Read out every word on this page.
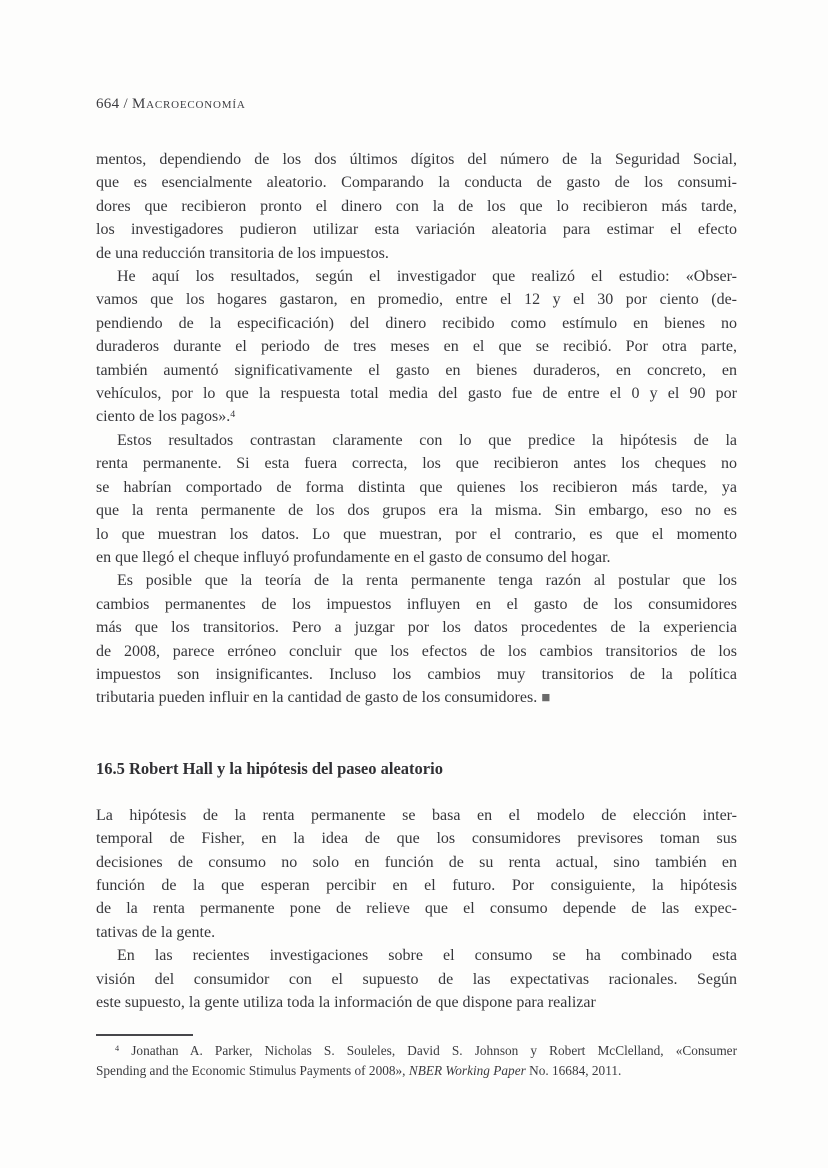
664 / Macroeconomía
mentos, dependiendo de los dos últimos dígitos del número de la Seguridad Social,
que es esencialmente aleatorio. Comparando la conducta de gasto de los consumi-
dores que recibieron pronto el dinero con la de los que lo recibieron más tarde,
los investigadores pudieron utilizar esta variación aleatoria para estimar el efecto
de una reducción transitoria de los impuestos.
He aquí los resultados, según el investigador que realizó el estudio: «Obser-
vamos que los hogares gastaron, en promedio, entre el 12 y el 30 por ciento (de-
pendiendo de la especificación) del dinero recibido como estímulo en bienes no
duraderos durante el periodo de tres meses en el que se recibió. Por otra parte,
también aumentó significativamente el gasto en bienes duraderos, en concreto, en
vehículos, por lo que la respuesta total media del gasto fue de entre el 0 y el 90 por
ciento de los pagos».$^4$
Estos resultados contrastan claramente con lo que predice la hipótesis de la
renta permanente. Si esta fuera correcta, los que recibieron antes los cheques no
se habrían comportado de forma distinta que quienes los recibieron más tarde, ya
que la renta permanente de los dos grupos era la misma. Sin embargo, eso no es
lo que muestran los datos. Lo que muestran, por el contrario, es que el momento
en que llegó el cheque influyó profundamente en el gasto de consumo del hogar.
Es posible que la teoría de la renta permanente tenga razón al postular que los
cambios permanentes de los impuestos influyen en el gasto de los consumidores
más que los transitorios. Pero a juzgar por los datos procedentes de la experiencia
de 2008, parece erróneo concluir que los efectos de los cambios transitorios de los
impuestos son insignificantes. Incluso los cambios muy transitorios de la política
tributaria pueden influir en la cantidad de gasto de los consumidores. ■
16.5 Robert Hall y la hipótesis del paseo aleatorio
La hipótesis de la renta permanente se basa en el modelo de elección inter-
temporal de Fisher, en la idea de que los consumidores previsores toman sus
decisiones de consumo no solo en función de su renta actual, sino también en
función de la que esperan percibir en el futuro. Por consiguiente, la hipótesis
de la renta permanente pone de relieve que el consumo depende de las expec-
tativas de la gente.
En las recientes investigaciones sobre el consumo se ha combinado esta
visión del consumidor con el supuesto de las expectativas racionales. Según
este supuesto, la gente utiliza toda la información de que dispone para realizar
$^4$ Jonathan A. Parker, Nicholas S. Souleles, David S. Johnson y Robert McClelland, «Consumer
Spending and the Economic Stimulus Payments of 2008», NBER Working Paper No. 16684, 2011.
